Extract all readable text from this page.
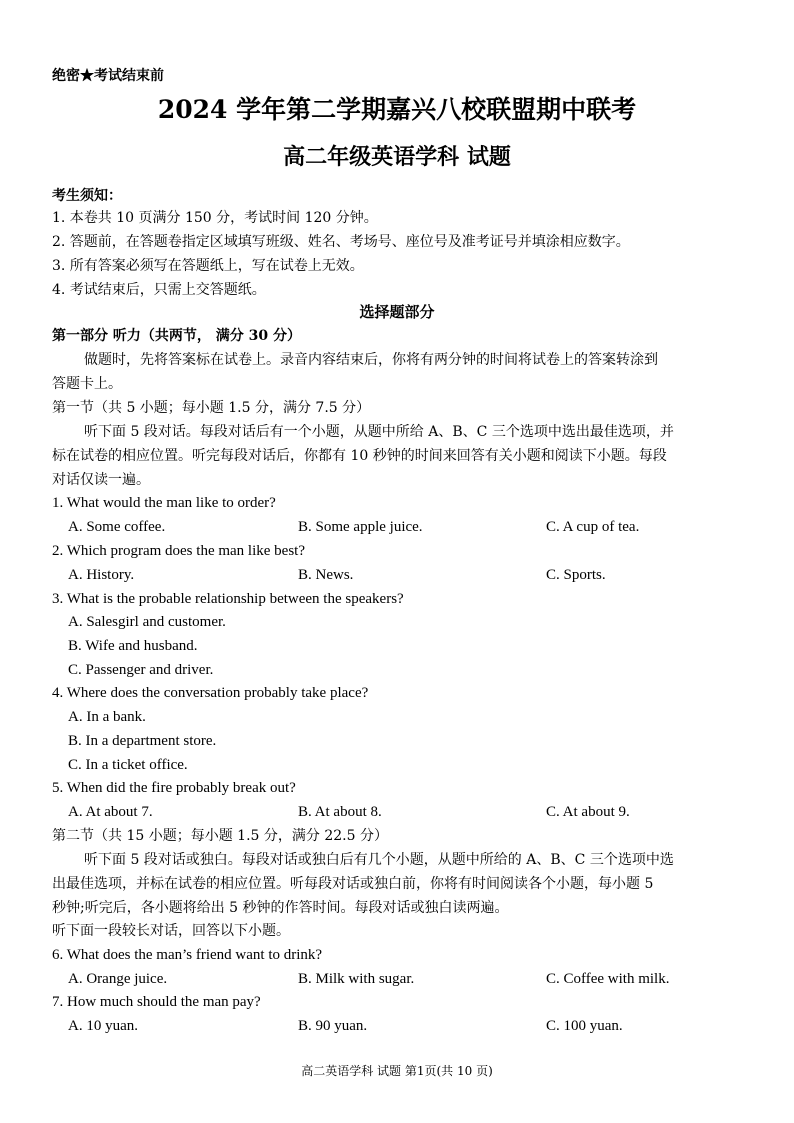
绝密★考试结束前
2024 学年第二学期嘉兴八校联盟期中联考
高二年级英语学科 试题
考生须知：
1. 本卷共 10 页满分 150 分，考试时间 120 分钟。
2. 答题前，在答题卷指定区域填写班级、姓名、考场号、座位号及准考证号并填涂相应数字。
3. 所有答案必须写在答题纸上，写在试卷上无效。
4. 考试结束后，只需上交答题纸。
选择题部分
第一部分 听力（共两节， 满分 30 分）
做题时，先将答案标在试卷上。录音内容结束后，你将有两分钟的时间将试卷上的答案转涂到
答题卡上。
第一节（共 5 小题；每小题 1.5 分，满分 7.5 分）
听下面 5 段对话。每段对话后有一个小题，从题中所给 A、B、C 三个选项中选出最佳选项，并
标在试卷的相应位置。听完每段对话后，你都有 10 秒钟的时间来回答有关小题和阅读下小题。每段
对话仅读一遍。
1. What would the man like to order?
A. Some coffee.	B. Some apple juice.	C. A cup of tea.
2. Which program does the man like best?
A. History.	B. News.	C. Sports.
3. What is the probable relationship between the speakers?
A. Salesgirl and customer.
B. Wife and husband.
C. Passenger and driver.
4. Where does the conversation probably take place?
A. In a bank.
B. In a department store.
C. In a ticket office.
5. When did the fire probably break out?
A. At about 7.	B. At about 8.	C. At about 9.
第二节（共 15 小题；每小题 1.5 分，满分 22.5 分）
听下面 5 段对话或独白。每段对话或独白后有几个小题，从题中所给的 A、B、C 三个选项中选
出最佳选项，并标在试卷的相应位置。听每段对话或独白前，你将有时间阅读各个小题，每小题 5
秒钟;听完后，各小题将给出 5 秒钟的作答时间。每段对话或独白读两遍。
听下面一段较长对话，回答以下小题。
6. What does the man’s friend want to drink?
A. Orange juice.	B. Milk with sugar.	C. Coffee with milk.
7. How much should the man pay?
A. 10 yuan.	B. 90 yuan.	C. 100 yuan.
高二英语学科 试题 第1页(共 10 页)
